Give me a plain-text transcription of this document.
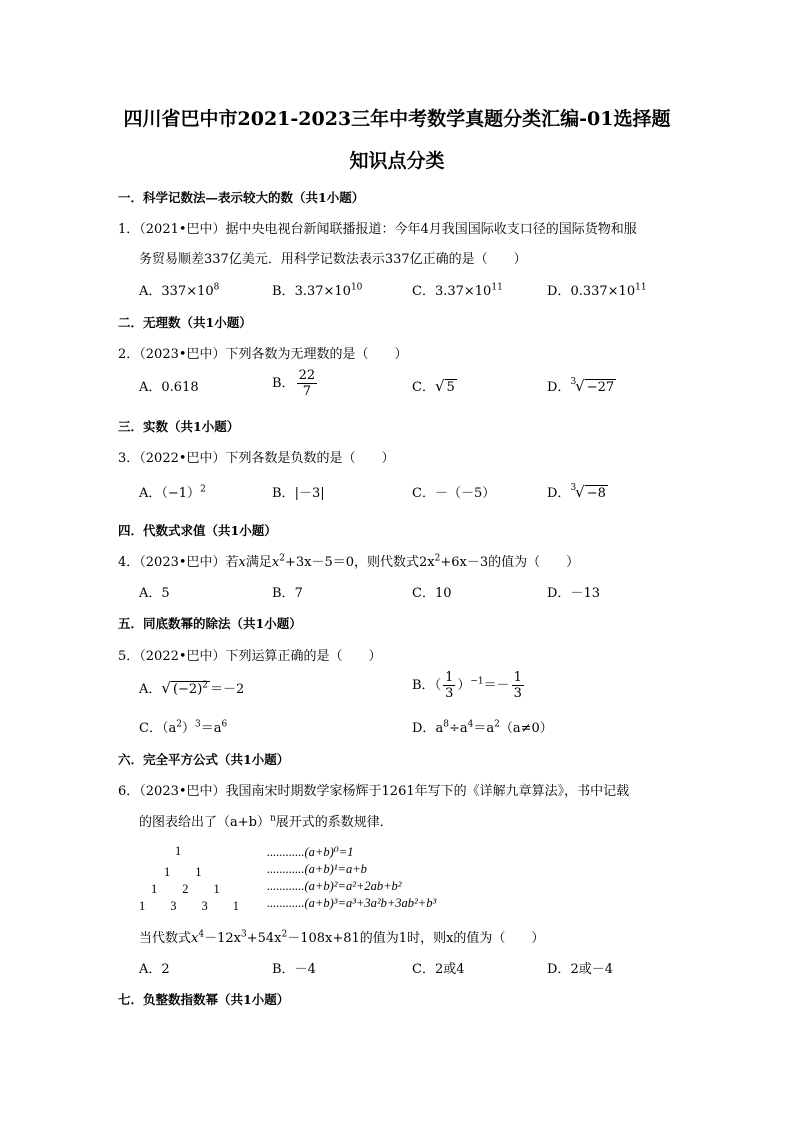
四川省巴中市2021-2023三年中考数学真题分类汇编-01选择题
知识点分类
一．科学记数法—表示较大的数（共1小题）
1．（2021•巴中）据中央电视台新闻联播报道：今年4月我国国际收支口径的国际货物和服
务贸易顺差337亿美元．用科学记数法表示337亿正确的是（　　）
A．$337\times 10^8$	B．$3.37\times 10^{10}$	C．$3.37\times 10^{11}$	D．$0.337\times 10^{11}$
二．无理数（共1小题）
2．（2023•巴中）下列各数为无理数的是（　　）
A．0.618	B． $\frac{22}{7}$	C．√ 5	D．$^3$√ −27
三．实数（共1小题）
3．（2022•巴中）下列各数是负数的是（　　）
A．$(-1)^2$	B．|－3|	C．－（－5）	D．$^3$√ −8
四．代数式求值（共1小题）
4．（2023•巴中）若x满足$x^2+3x-5=0$，则代数式$2x^2+6x-3$的值为（　　）
A．5	B．7	C．10	D．－13
五．同底数幂的除法（共1小题）
5．（2022•巴中）下列运算正确的是（　　）
A．√ $(-2)^2 =-2$	B．（ $\frac{1}{3} )^{-1}=- \frac{1}{3}$
C．$(a^2)^3=a^6$	D．$a^8\div a^4=a^2(a\ne 0)$
六．完全平方公式（共1小题）
6．（2023•巴中）我国南宋时期数学家杨辉于1261年写下的《详解九章算法》，书中记载
的图表给出了$(a+b)^n$展开式的系数规律．
1
1　　1
1　　2　　1
1　　3　　3　　1
............(a+b)⁰=1
............(a+b)¹=a+b
............(a+b)²=a²+2ab+b²
............(a+b)³=a³+3a²b+3ab²+b³
当代数式$x^4-12x^3+54x^2-108x+81$的值为1时，则x的值为（　　）
A．2	B．－4	C．2或4	D．2或－4
七．负整数指数幂（共1小题）
